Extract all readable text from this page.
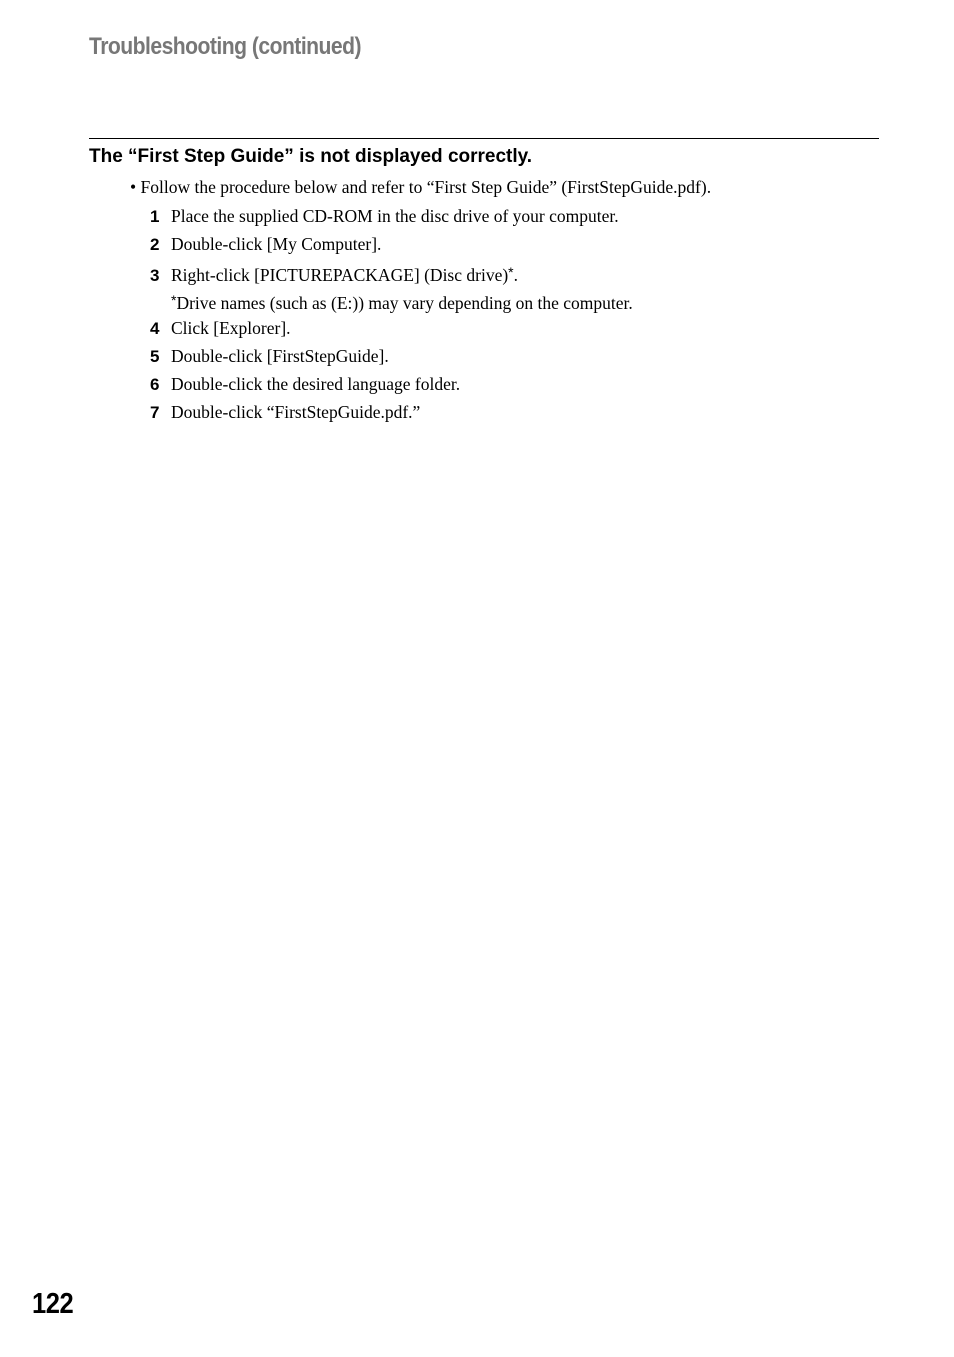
Troubleshooting (continued)
The “First Step Guide” is not displayed correctly.
• Follow the procedure below and refer to “First Step Guide” (FirstStepGuide.pdf).
1 Place the supplied CD-ROM in the disc drive of your computer.
2 Double-click [My Computer].
3 Right-click [PICTUREPACKAGE] (Disc drive)*.
*Drive names (such as (E:)) may vary depending on the computer.
4 Click [Explorer].
5 Double-click [FirstStepGuide].
6 Double-click the desired language folder.
7 Double-click “FirstStepGuide.pdf.”
122
